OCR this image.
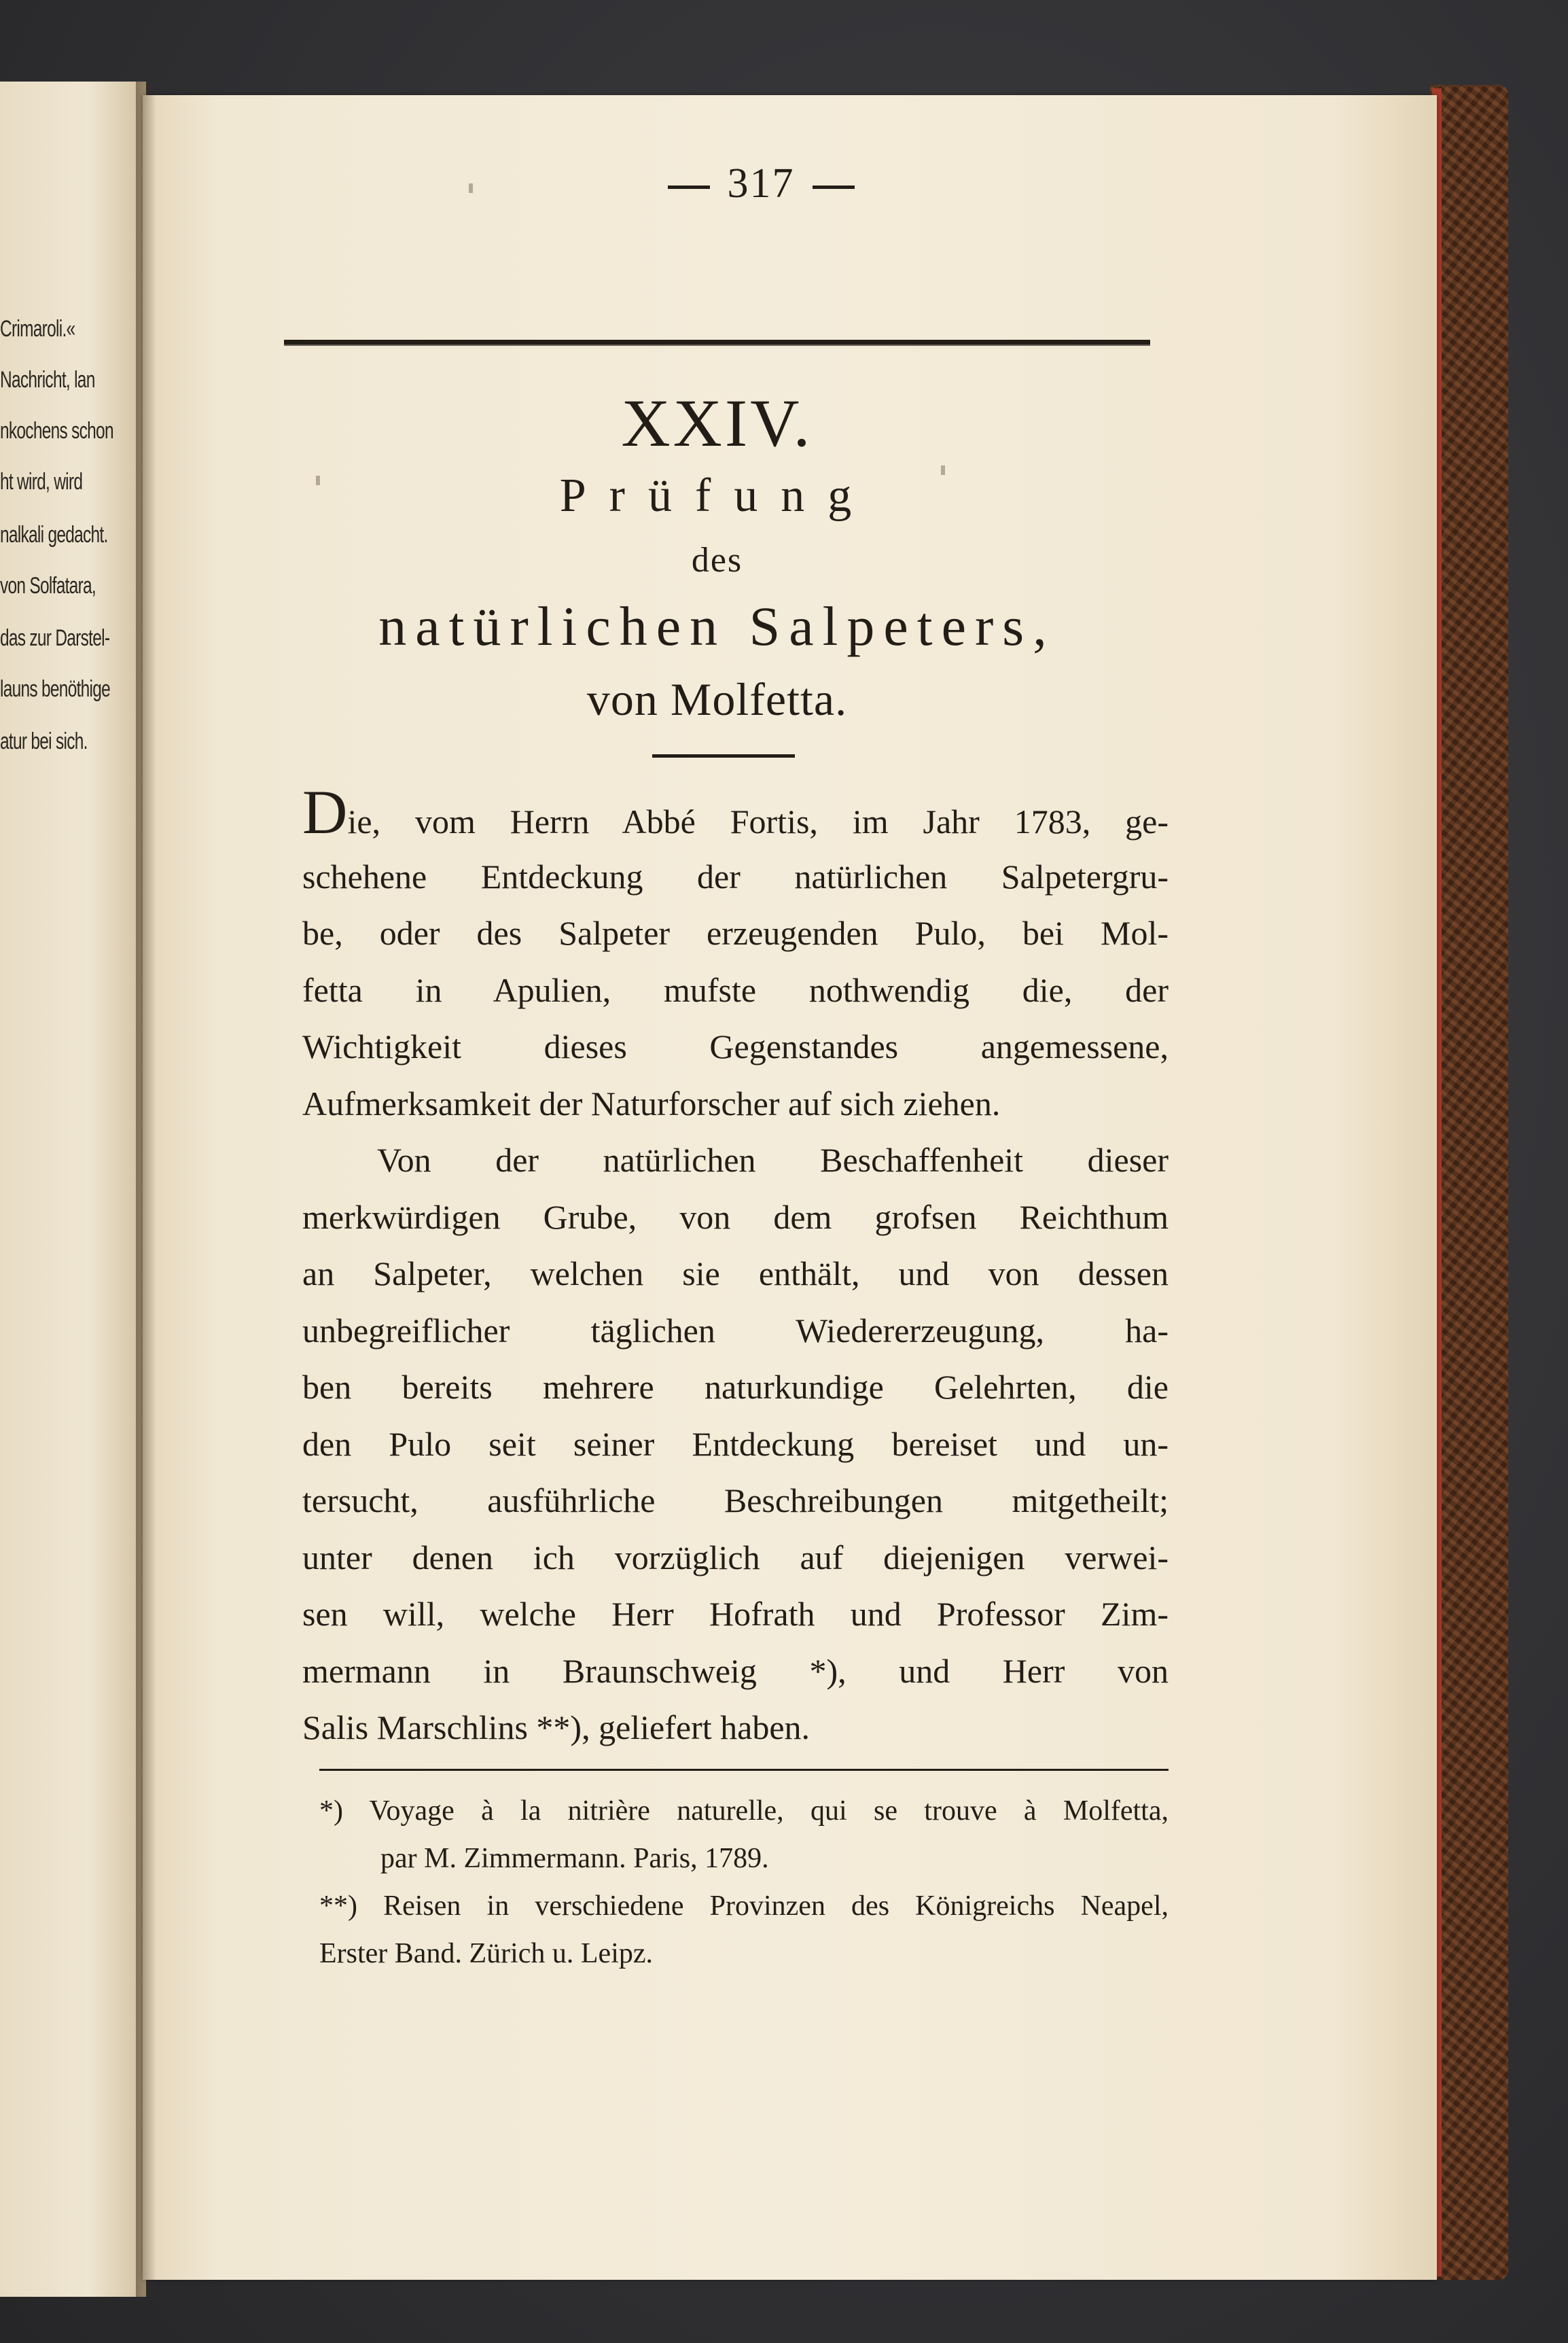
Crimaroli.«
Nachricht, lan
nkochens schon
ht wird, wird
nalkali gedacht.
von Solfatara,
das zur Darstel-
launs benöthige
atur bei sich.
317
XXIV.
Prüfung
des
natürlichen Salpeters,
von Molfetta.
Die, vom Herrn Abbé Fortis, im Jahr 1783, ge-
schehene Entdeckung der natürlichen Salpetergru-
be, oder des Salpeter erzeugenden Pulo, bei Mol-
fetta in Apulien, mufste nothwendig die, der
Wichtigkeit dieses Gegenstandes angemessene,
Aufmerksamkeit der Naturforscher auf sich ziehen.
Von der natürlichen Beschaffenheit dieser
merkwürdigen Grube, von dem grofsen Reichthum
an Salpeter, welchen sie enthält, und von dessen
unbegreiflicher täglichen Wiedererzeugung, ha-
ben bereits mehrere naturkundige Gelehrten, die
den Pulo seit seiner Entdeckung bereiset und un-
tersucht, ausführliche Beschreibungen mitgetheilt;
unter denen ich vorzüglich auf diejenigen verwei-
sen will, welche Herr Hofrath und Professor Zim-
mermann in Braunschweig *), und Herr von
Salis Marschlins **), geliefert haben.
*) Voyage à la nitrière naturelle, qui se trouve à Molfetta,
par M. Zimmermann. Paris, 1789.
**) Reisen in verschiedene Provinzen des Königreichs Neapel,
Erster Band. Zürich u. Leipz.
